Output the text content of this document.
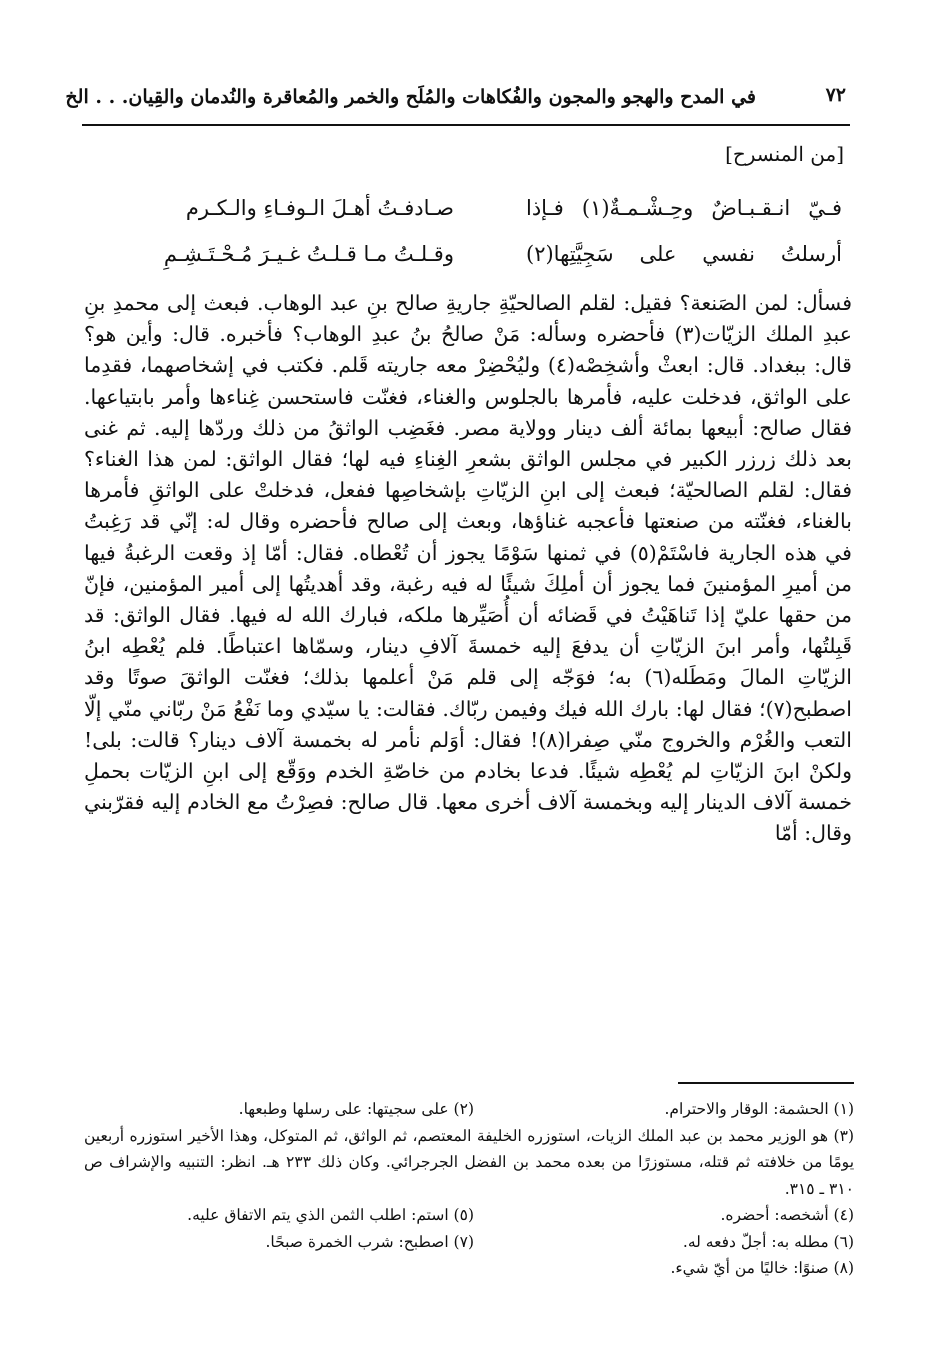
٧٢
في المدح والهجو والمجون والفُكاهات والمُلَح والخمر والمُعاقرة والنُدمان والقِيان. . . الخ
[من المنسرح]
فـيّ انـقـبـاضٌ وحِـشْـمـةٌ(١) فـإذا
صـادفـتُ أهـلَ الـوفـاءِ والـكـرم
أرسلتُ نفسي على سَجِيَّتِها(٢)
وقـلـتُ مـا قـلـتُ غـيـرَ مُـحْـتَـشِـمِ

فسأل: لمن الصَنعة؟ فقيل: لقلم الصالحيّةِ جاريةِ صالح بنِ عبد الوهاب. فبعث إلى محمدِ بنِ عبدِ الملك الزيّات(٣) فأحضره وسأله: مَنْ صالحُ بنُ عبدِ الوهاب؟ فأخبره. قال: وأين هو؟ قال: ببغداد. قال: ابعثْ وأشخِصْه(٤) وليُحْضِرْ معه جاريته قَلم. فكتب في إشخاصهما، فقدِما على الواثق، فدخلت عليه، فأمرها بالجلوس والغناء، فغنّت فاستحسن غِناءها وأمر بابتياعها. فقال صالح: أبيعها بمائة ألف دينار وولاية مصر. فغَضِب الواثقُ من ذلك وردّها إليه. ثم غنى بعد ذلك زرزر الكبير في مجلس الواثق بشعرِ الغِناءِ فيه لها؛ فقال الواثق: لمن هذا الغناء؟ فقال: لقلم الصالحيّة؛ فبعث إلى ابنِ الزيّاتِ بإشخاصِها ففعل، فدخلتْ على الواثقِ فأمرها بالغناء، فغنّته من صنعتها فأعجبه غناؤها، وبعث إلى صالح فأحضره وقال له: إنّي قد رَغِبتُ في هذه الجارية فاسْتَمْ(٥) في ثمنها سَوْمًا يجوز أن تُعْطاه. فقال: أمّا إذ وقعت الرغبةُ فيها من أميرِ المؤمنينَ فما يجوز أن أملِكَ شيئًا له فيه رغبة، وقد أهديتُها إلى أمير المؤمنين، فإنّ من حقها عليّ إذا تَناهَيْتُ في قَضائه أن أُصَيِّرها ملكه، فبارك الله له فيها. فقال الواثق: قد قَبِلتُها، وأمر ابنَ الزيّاتِ أن يدفعَ إليه خمسةَ آلافِ دينار، وسمّاها اعتباطًا. فلم يُعْطِه ابنُ الزيّاتِ المالَ ومَطَله(٦) به؛ فوَجّه إلى قلم مَنْ أعلمها بذلك؛ فغنّت الواثقَ صوتًا وقد اصطبح(٧)؛ فقال لها: بارك الله فيك وفيمن ربّاك. فقالت: يا سيّدي وما نَفْعُ مَنْ ربّاني منّي إلّا التعب والغُرْم والخروج منّي صِفرا(٨)! فقال: أوَلم نأمر له بخمسة آلاف دينار؟ قالت: بلى! ولكنْ ابنَ الزيّاتِ لم يُعْطِه شيئًا. فدعا بخادم من خاصّةِ الخدم ووَقّع إلى ابنِ الزيّات بحملِ خمسة آلاف الدينار إليه وبخمسة آلاف أخرى معها. قال صالح: فصِرْتُ مع الخادم إليه فقرّبني وقال: أمّا

(١) الحشمة: الوقار والاحترام.
(٢) على سجيتها: على رسلها وطبعها.
(٣) هو الوزير محمد بن عبد الملك الزيات، استوزره الخليفة المعتصم، ثم الواثق، ثم المتوكل، وهذا الأخير استوزره أربعين يومًا من خلافته ثم قتله، مستوزرًا من بعده محمد بن الفضل الجرجرائي. وكان ذلك ٢٣٣ هـ. انظر: التنبيه والإشراف ص ٣١٠ ـ ٣١٥.
(٤) أشخصه: أحضره.
(٥) استم: اطلب الثمن الذي يتم الاتفاق عليه.
(٦) مطله به: أجلّ دفعه له.
(٧) اصطبح: شرب الخمرة صبحًا.
(٨) صنوًا: خاليًا من أيّ شيء.
